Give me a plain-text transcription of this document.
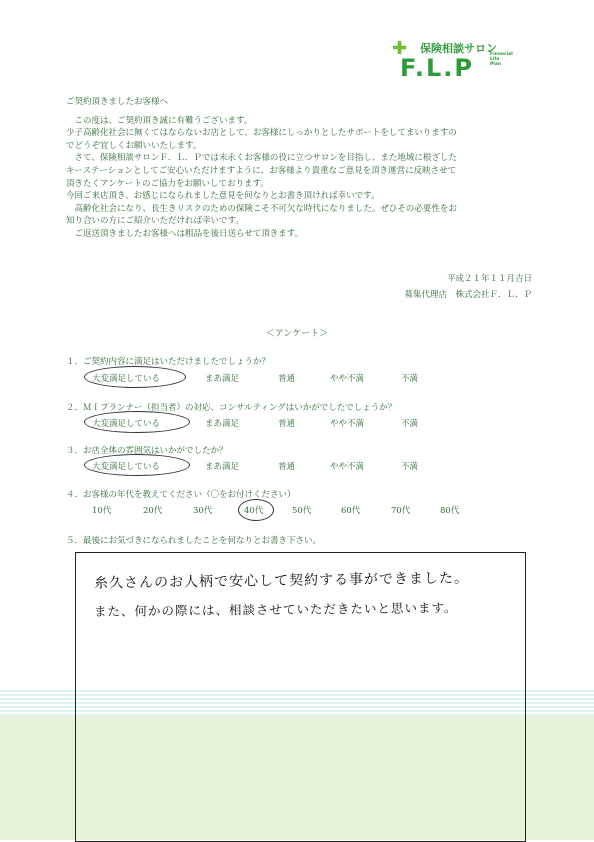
✚ 保険相談サロン
Financial
Life
Plan
F.L.P
ご契約頂きましたお客様へ
　この度は、ご契約頂き誠に有難うございます。
少子高齢化社会に無くてはならないお店として、お客様にしっかりとしたサポートをしてまいりますの
でどうぞ宜しくお願いいたします。
　さて、保険相談サロンＦ．Ｌ．Ｐでは末永くお客様の役に立つサロンを目指し、また地域に根ざした
キーステーションとしてご安心いただけますように、お客様より貴重なご意見を頂き運営に反映させて
頂きたくアンケートのご協力をお願いしております。
今回ご来店頂き、お感じになられました意見を何なりとお書き頂ければ幸いです。
　高齢化社会になり、長生きリスクのための保険こそ不可欠な時代になりました。ぜひその必要性をお
知り合いの方にご紹介いただければ幸いです。
　ご返送頂きましたお客様へは粗品を後日送らせて頂きます。
平成２１年１１月吉日
募集代理店　株式会社Ｆ．Ｌ．Ｐ
＜アンケート＞
１．ご契約内容に満足はいただけましたでしょうか？
大変満足している	まあ満足	普通	やや不満	不満
２．ＭＩプランナー（担当者）の対応、コンサルティングはいかがでしたでしょうか？
大変満足している	まあ満足	普通	やや不満	不満
３．お店全体の雰囲気はいかがでしたか？
大変満足している	まあ満足	普通	やや不満	不満
４．お客様の年代を教えてください（〇をお付けください）
10代	20代	30代	40代	50代	60代	70代	80代
５．最後にお気づきになられましたことを何なりとお書き下さい。
糸久さんのお人柄で安心して契約する事ができました。
また、何かの際には、相談させていただきたいと思います。
